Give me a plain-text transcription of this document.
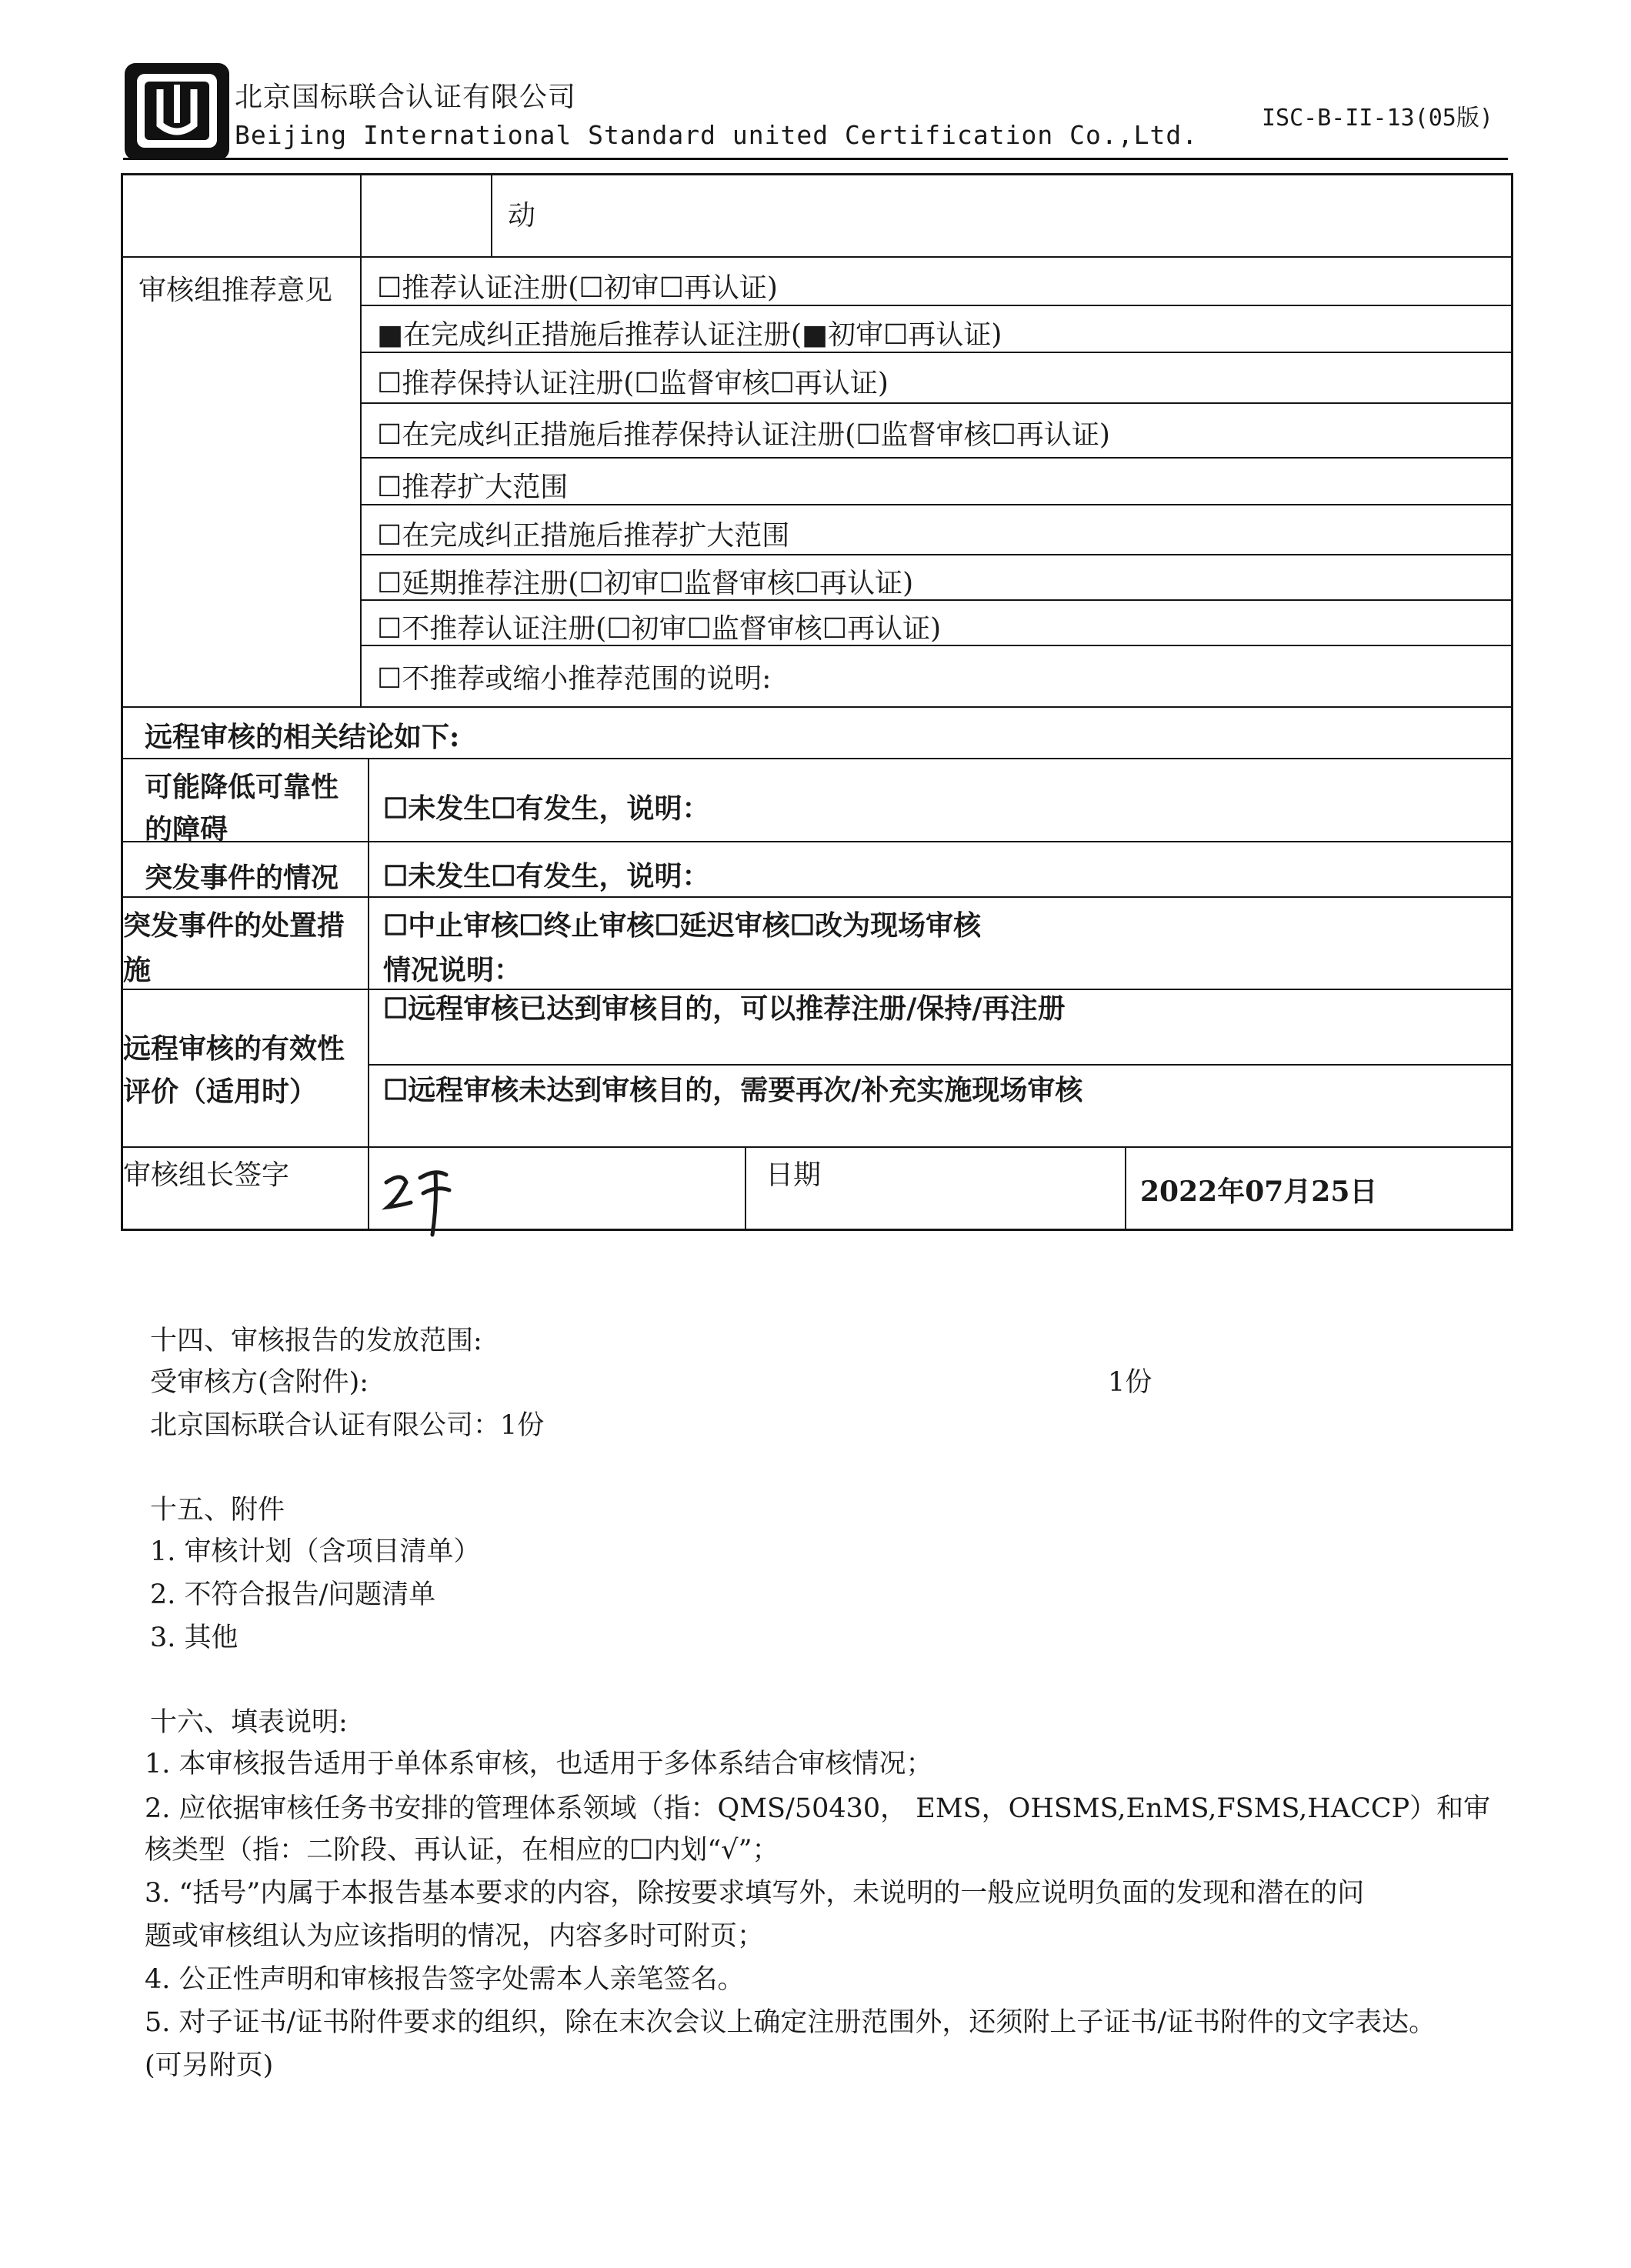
北京国标联合认证有限公司
Beijing International Standard united Certification Co.,Ltd.
ISC-B-II-13(05版)
动
审核组推荐意见 ☐推荐认证注册(☐初审☐再认证)
■在完成纠正措施后推荐认证注册(■初审☐再认证)
☐推荐保持认证注册(☐监督审核☐再认证)
☐在完成纠正措施后推荐保持认证注册(☐监督审核☐再认证)
☐推荐扩大范围
☐在完成纠正措施后推荐扩大范围
☐延期推荐注册(☐初审☐监督审核☐再认证)
☐不推荐认证注册(☐初审☐监督审核☐再认证)
☐不推荐或缩小推荐范围的说明:
远程审核的相关结论如下:
可能降低可靠性
的障碍
☐未发生☐有发生，说明：
突发事件的情况 ☐未发生☐有发生，说明：
突发事件的处置措
施
☐中止审核☐终止审核☐延迟审核☐改为现场审核
情况说明：
远程审核的有效性
评价（适用时）
☐远程审核已达到审核目的，可以推荐注册/保持/再注册
☐远程审核未达到审核目的，需要再次/补充实施现场审核
审核组长签字	日期
2022年07月25日
十四、审核报告的发放范围:
受审核方(含附件):	1份
北京国标联合认证有限公司：1份
十五、附件
1. 审核计划（含项目清单）
2. 不符合报告/问题清单
3. 其他
十六、填表说明:
1. 本审核报告适用于单体系审核，也适用于多体系结合审核情况；
2. 应依据审核任务书安排的管理体系领域（指：QMS/50430， EMS，OHSMS,EnMS,FSMS,HACCP）和审
核类型（指：二阶段、再认证，在相应的☐内划“√”；
3. “括号”内属于本报告基本要求的内容，除按要求填写外，未说明的一般应说明负面的发现和潜在的问
题或审核组认为应该指明的情况，内容多时可附页；
4. 公正性声明和审核报告签字处需本人亲笔签名。
5. 对子证书/证书附件要求的组织，除在末次会议上确定注册范围外，还须附上子证书/证书附件的文字表达。
(可另附页)
